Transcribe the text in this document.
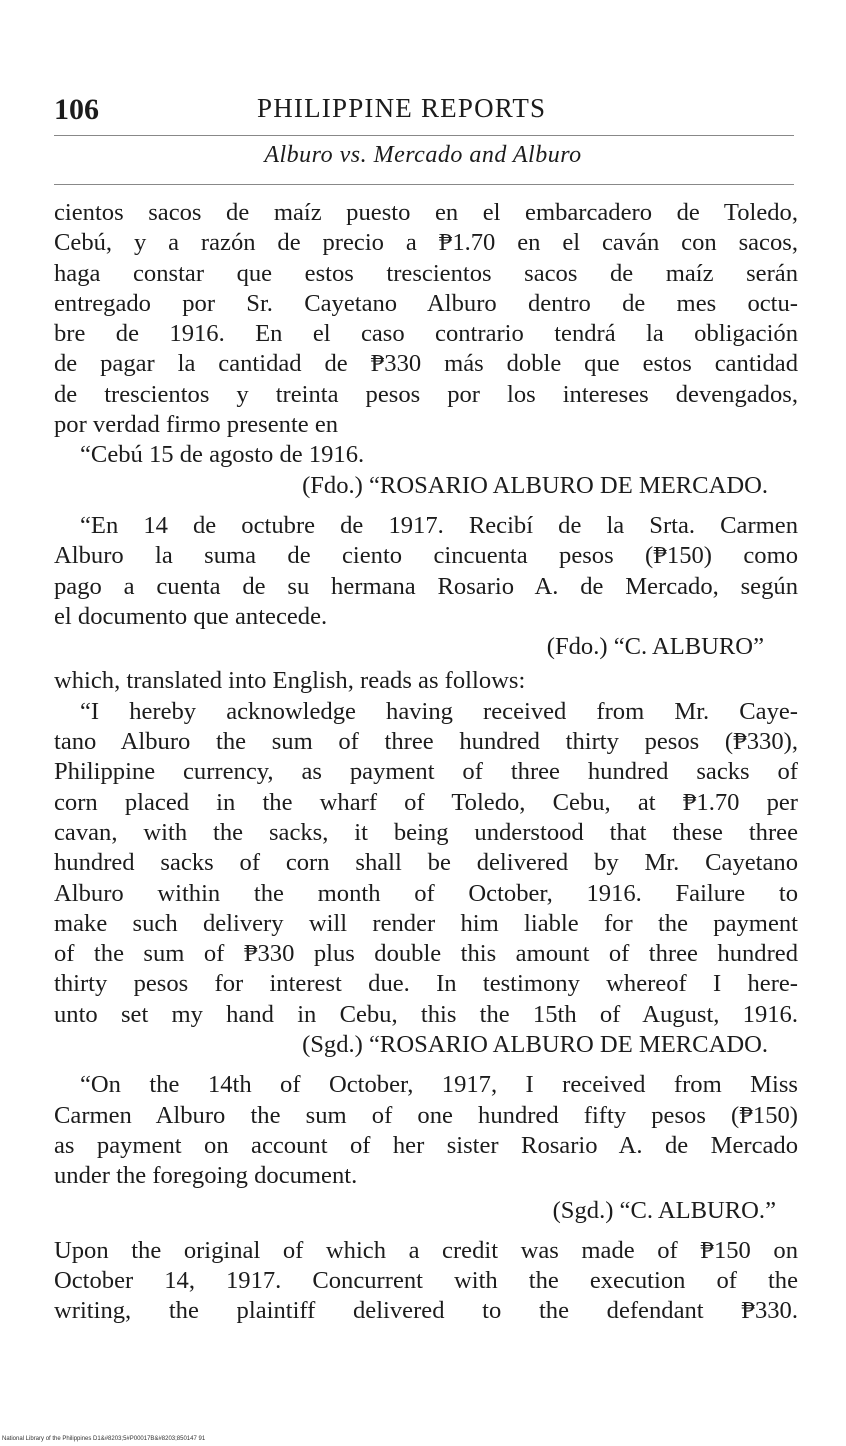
106	PHILIPPINE REPORTS
Alburo vs. Mercado and Alburo
cientos sacos de maíz puesto en el embarcadero de Toledo,
Cebú, y a razón de precio a ₱1.70 en el caván con sacos,
haga constar que estos trescientos sacos de maíz serán
entregado por Sr. Cayetano Alburo dentro de mes octu-
bre de 1916. En el caso contrario tendrá la obligación
de pagar la cantidad de ₱330 más doble que estos cantidad
de trescientos y treinta pesos por los intereses devengados,
por verdad firmo presente en
“Cebú 15 de agosto de 1916.
(Fdo.) “ROSARIO ALBURO DE MERCADO.
“En 14 de octubre de 1917. Recibí de la Srta. Carmen
Alburo la suma de ciento cincuenta pesos (₱150) como
pago a cuenta de su hermana Rosario A. de Mercado, según
el documento que antecede.
(Fdo.) “C. ALBURO”
which, translated into English, reads as follows:
“I hereby acknowledge having received from Mr. Caye-
tano Alburo the sum of three hundred thirty pesos (₱330),
Philippine currency, as payment of three hundred sacks of
corn placed in the wharf of Toledo, Cebu, at ₱1.70 per
cavan, with the sacks, it being understood that these three
hundred sacks of corn shall be delivered by Mr. Cayetano
Alburo within the month of October, 1916. Failure to
make such delivery will render him liable for the payment
of the sum of ₱330 plus double this amount of three hundred
thirty pesos for interest due. In testimony whereof I here-
unto set my hand in Cebu, this the 15th of August, 1916.
(Sgd.) “ROSARIO ALBURO DE MERCADO.
“On the 14th of October, 1917, I received from Miss
Carmen Alburo the sum of one hundred fifty pesos (₱150)
as payment on account of her sister Rosario A. de Mercado
under the foregoing document.
(Sgd.) “C. ALBURO.”
Upon the original of which a credit was made of ₱150 on
October 14, 1917. Concurrent with the execution of the
writing, the plaintiff delivered to the defendant ₱330.
National Library of the Philippines D1&#8203;5#P00017B&#8203;850147 91
